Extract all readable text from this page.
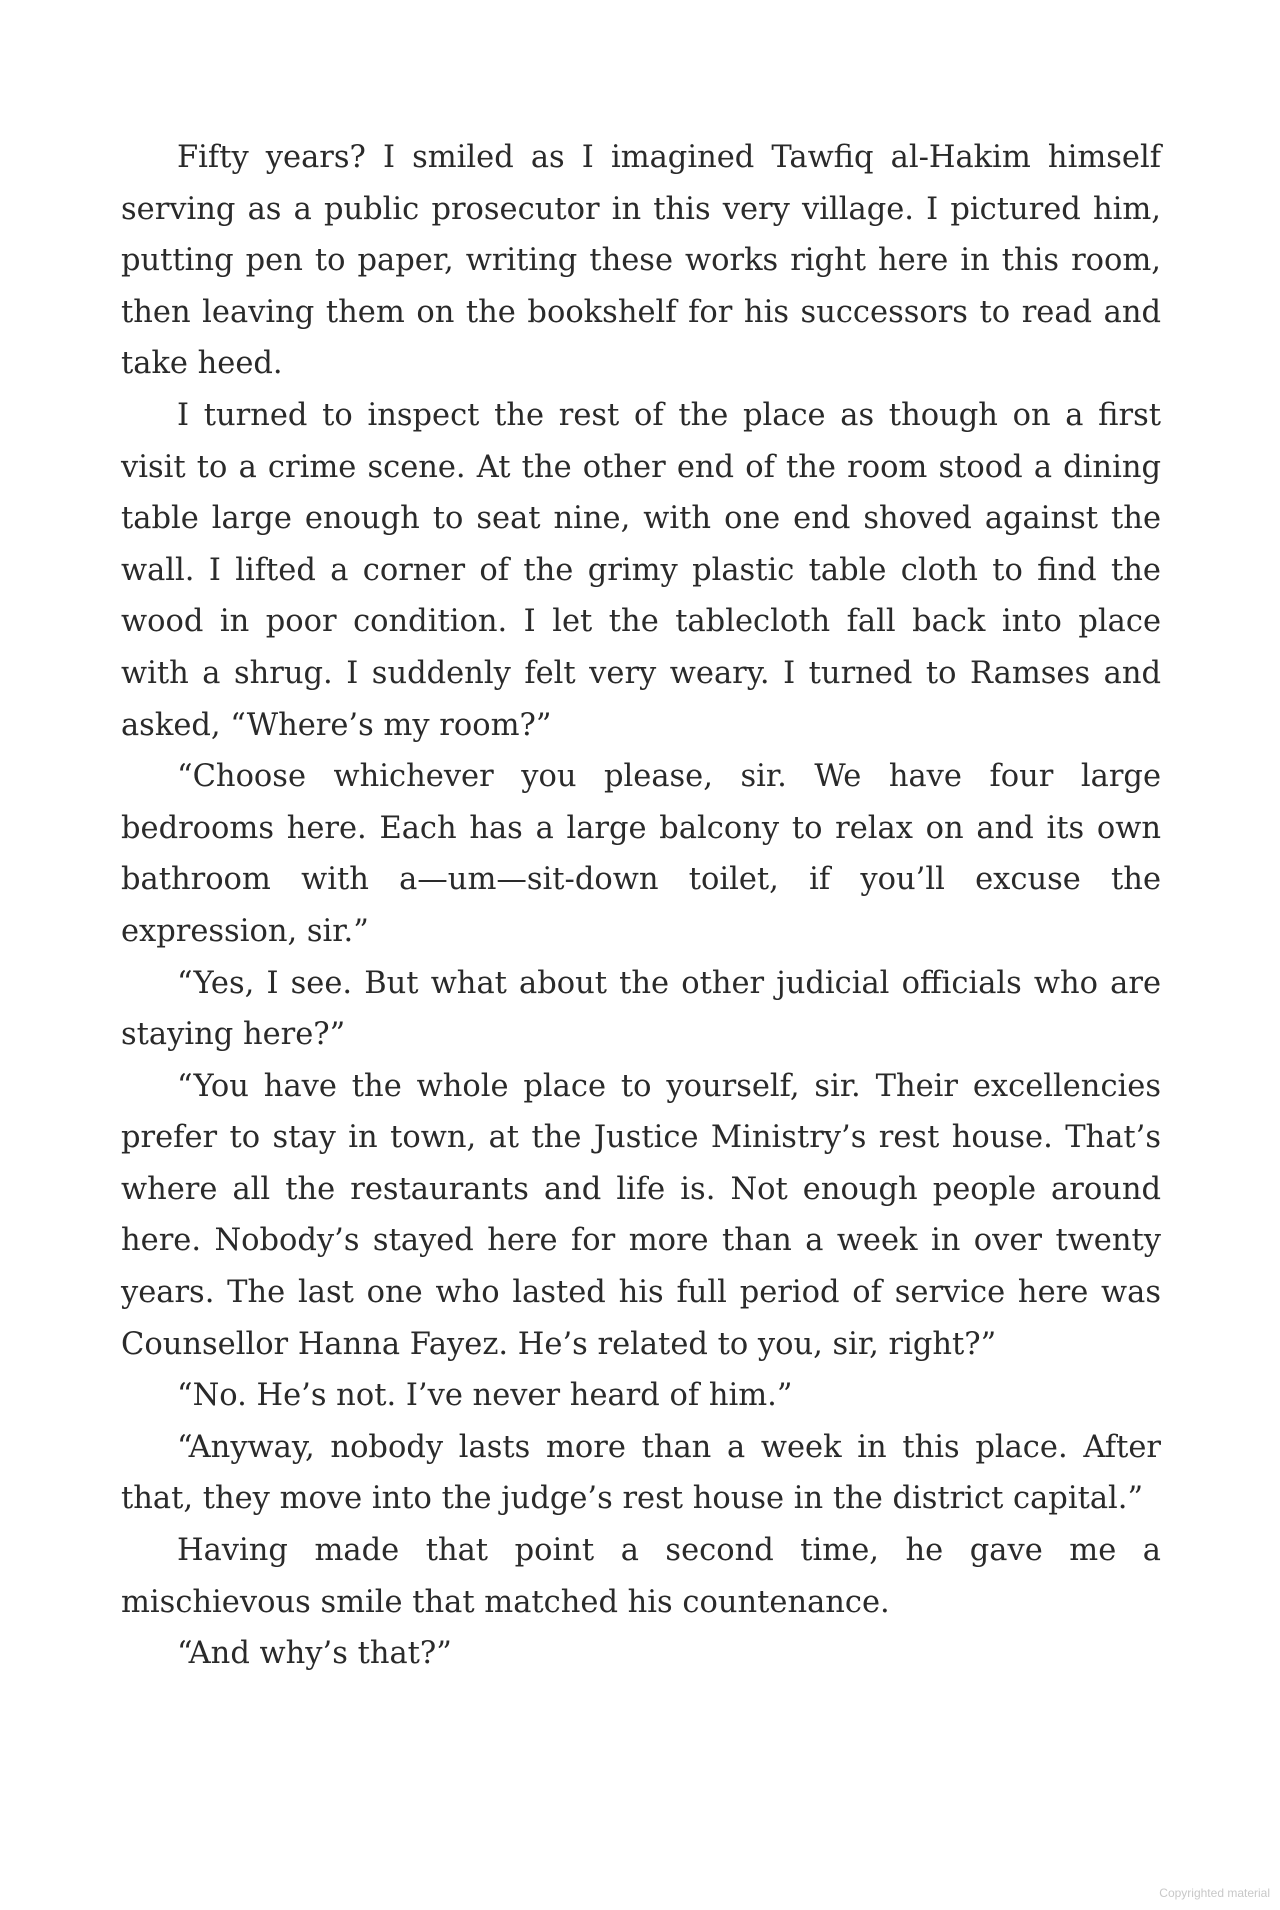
Fifty years? I smiled as I imagined Tawfiq al-Hakim himself serving as a public prosecutor in this very village. I pictured him, putting pen to paper, writing these works right here in this room, then leaving them on the bookshelf for his successors to read and take heed.

I turned to inspect the rest of the place as though on a first visit to a crime scene. At the other end of the room stood a dining table large enough to seat nine, with one end shoved against the wall. I lifted a corner of the grimy plastic table cloth to find the wood in poor condition. I let the tablecloth fall back into place with a shrug. I suddenly felt very weary. I turned to Ramses and asked, “Where’s my room?”

“Choose whichever you please, sir. We have four large bedrooms here. Each has a large balcony to relax on and its own bathroom with a—um—sit-down toilet, if you’ll excuse the expression, sir.”

“Yes, I see. But what about the other judicial officials who are staying here?”

“You have the whole place to yourself, sir. Their excellencies prefer to stay in town, at the Justice Ministry’s rest house. That’s where all the restaurants and life is. Not enough people around here. Nobody’s stayed here for more than a week in over twenty years. The last one who lasted his full period of service here was Counsellor Hanna Fayez. He’s related to you, sir, right?”

“No. He’s not. I’ve never heard of him.”

“Anyway, nobody lasts more than a week in this place. After that, they move into the judge’s rest house in the district capital.”

Having made that point a second time, he gave me a mischievous smile that matched his countenance.

“And why’s that?”

Copyrighted material
